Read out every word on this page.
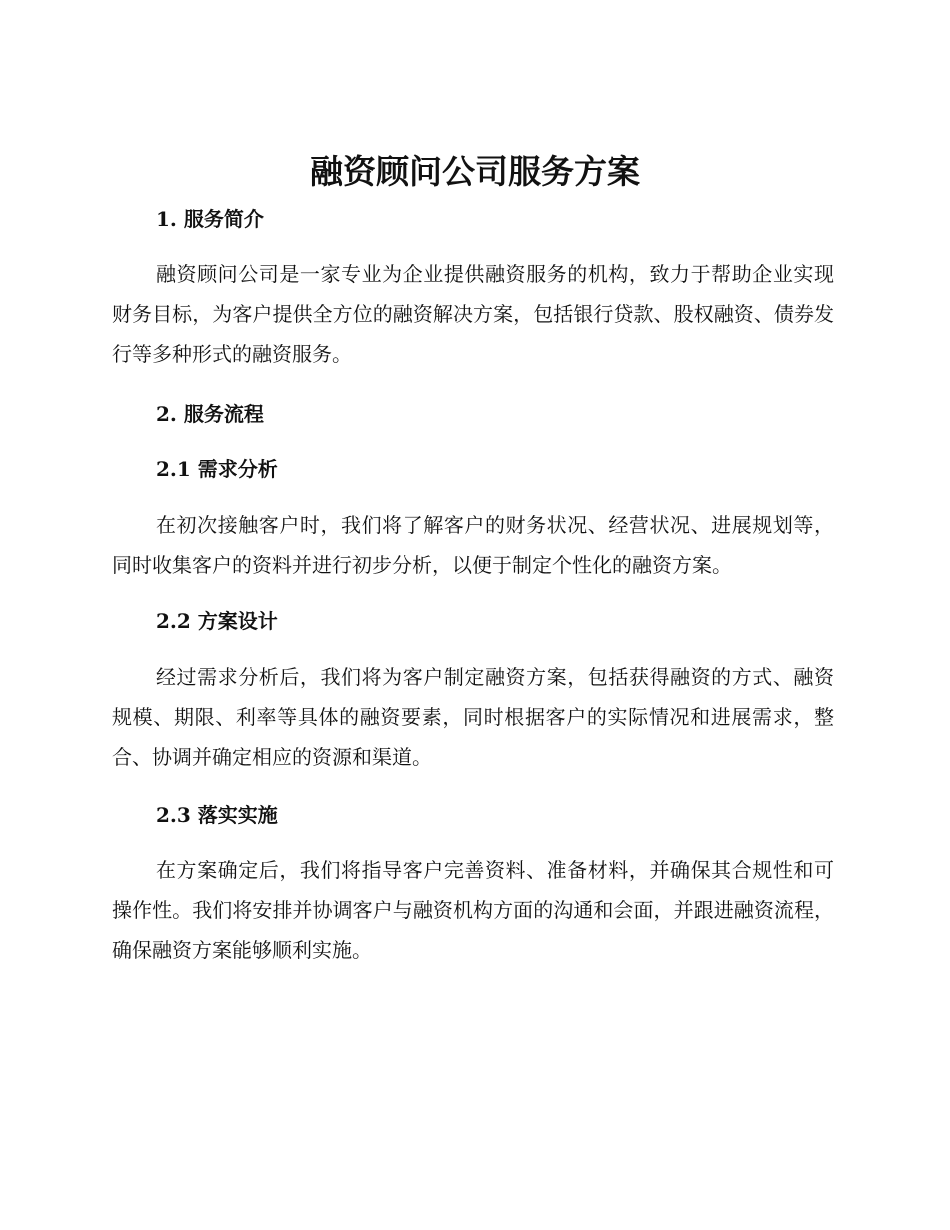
融资顾问公司服务方案
1. 服务简介

融资顾问公司是一家专业为企业提供融资服务的机构，致力于帮助企业实现财务目标，为客户提供全方位的融资解决方案，包括银行贷款、股权融资、债券发行等多种形式的融资服务。

2. 服务流程
2.1 需求分析

在初次接触客户时，我们将了解客户的财务状况、经营状况、进展规划等，同时收集客户的资料并进行初步分析，以便于制定个性化的融资方案。

2.2 方案设计

经过需求分析后，我们将为客户制定融资方案，包括获得融资的方式、融资规模、期限、利率等具体的融资要素，同时根据客户的实际情况和进展需求，整合、协调并确定相应的资源和渠道。

2.3 落实实施

在方案确定后，我们将指导客户完善资料、准备材料，并确保其合规性和可操作性。我们将安排并协调客户与融资机构方面的沟通和会面，并跟进融资流程，确保融资方案能够顺利实施。
